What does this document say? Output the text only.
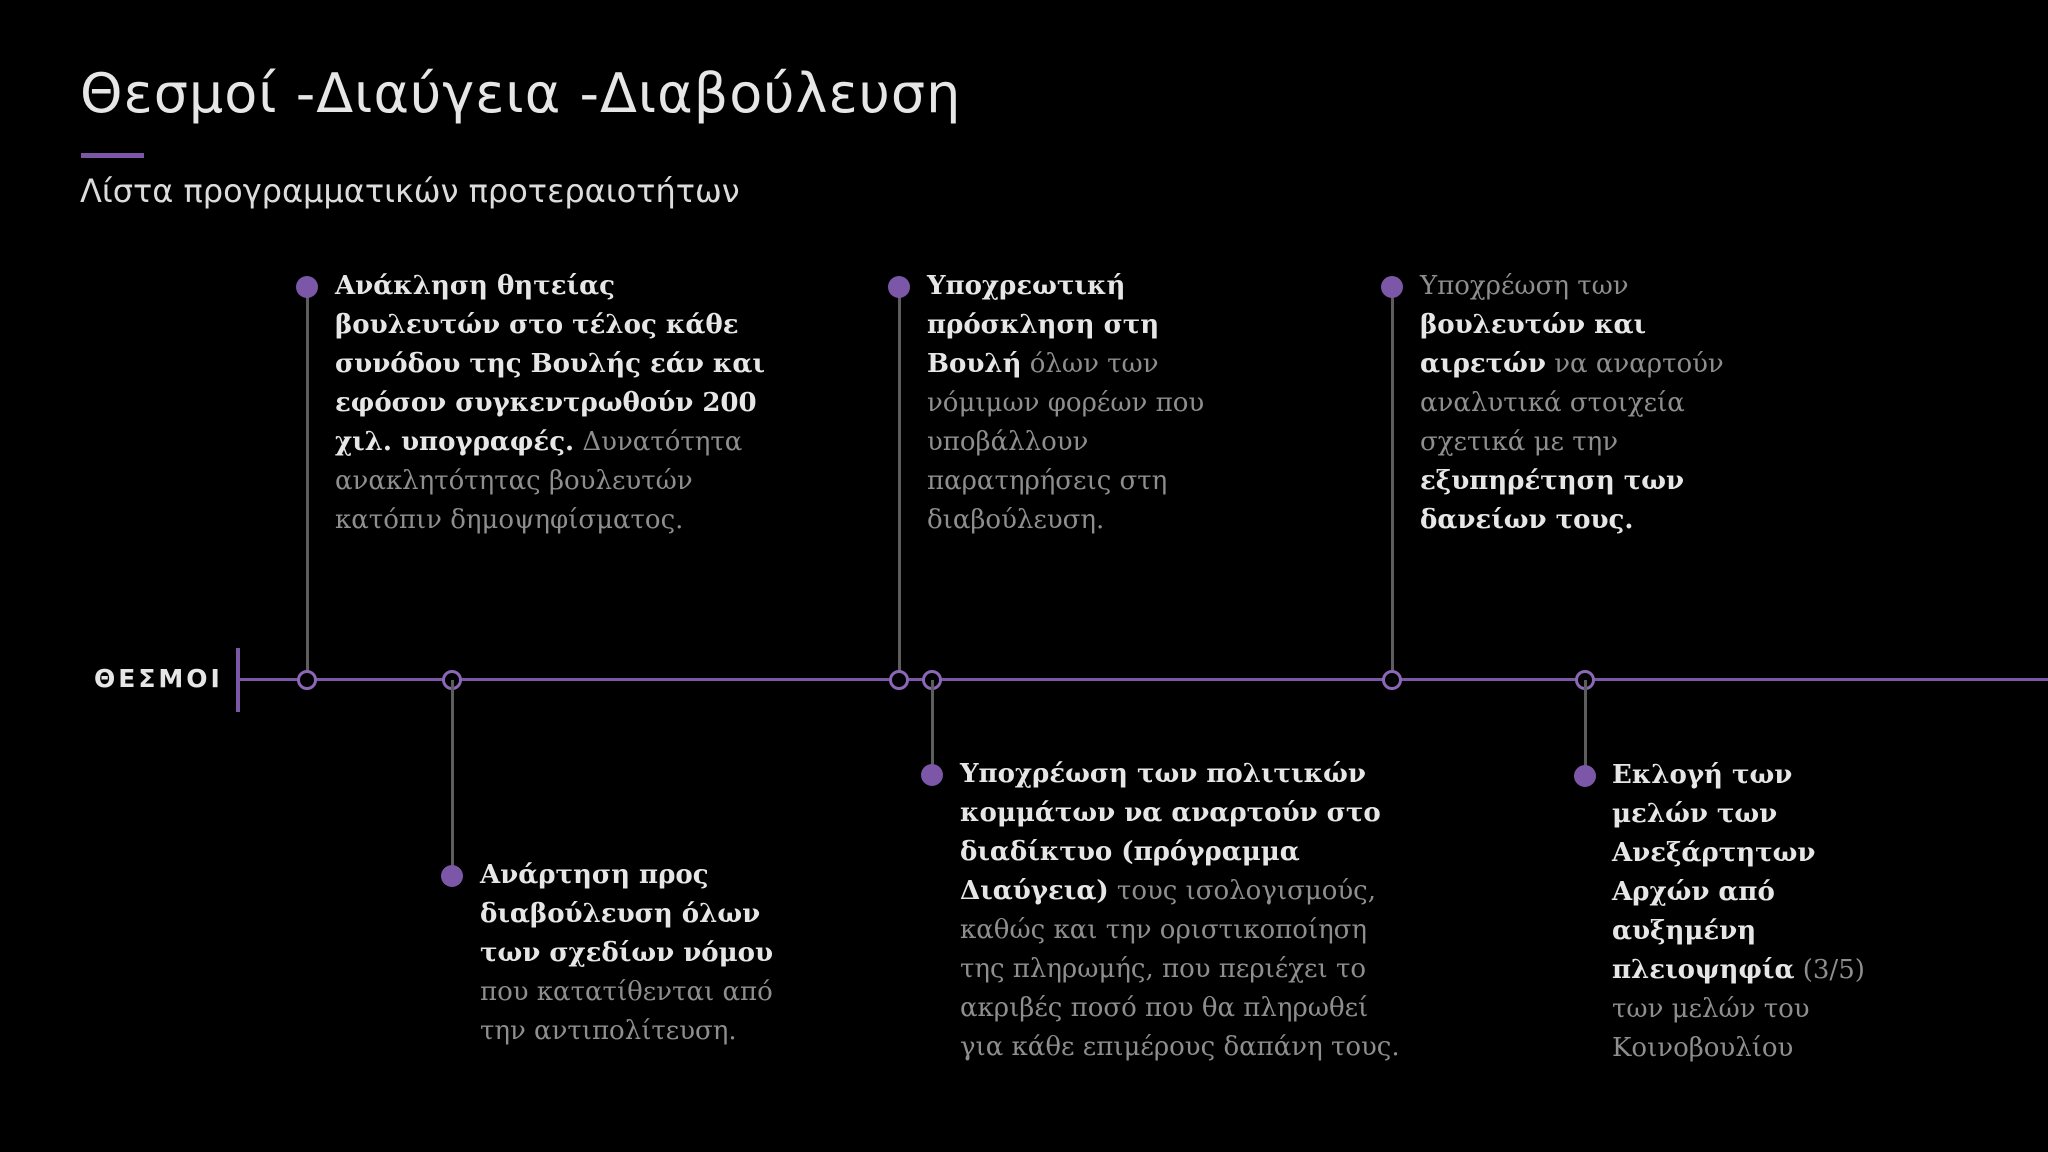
Θεσμοί -Διαύγεια -Διαβούλευση
Λίστα προγραμματικών προτεραιοτήτων
ΘΕΣΜΟΙ
Ανάκληση θητείας βουλευτών στο τέλος κάθε συνόδου της Βουλής εάν και εφόσον συγκεντρωθούν 200 χιλ. υπογραφές. Δυνατότητα ανακλητότητας βουλευτών κατόπιν δημοψηφίσματος.
Ανάρτηση προς διαβούλευση όλων των σχεδίων νόμου που κατατίθενται από την αντιπολίτευση.
Υποχρεωτική πρόσκληση στη Βουλή όλων των νόμιμων φορέων που υποβάλλουν παρατηρήσεις στη διαβούλευση.
Υποχρέωση των πολιτικών κομμάτων να αναρτούν στο διαδίκτυο (πρόγραμμα Διαύγεια) τους ισολογισμούς, καθώς και την οριστικοποίηση της πληρωμής, που περιέχει το ακριβές ποσό που θα πληρωθεί για κάθε επιμέρους δαπάνη τους.
Υποχρέωση των βουλευτών και αιρετών να αναρτούν αναλυτικά στοιχεία σχετικά με την εξυπηρέτηση των δανείων τους.
Εκλογή των μελών των Ανεξάρτητων Αρχών από αυξημένη πλειοψηφία (3/5) των μελών του Κοινοβουλίου
